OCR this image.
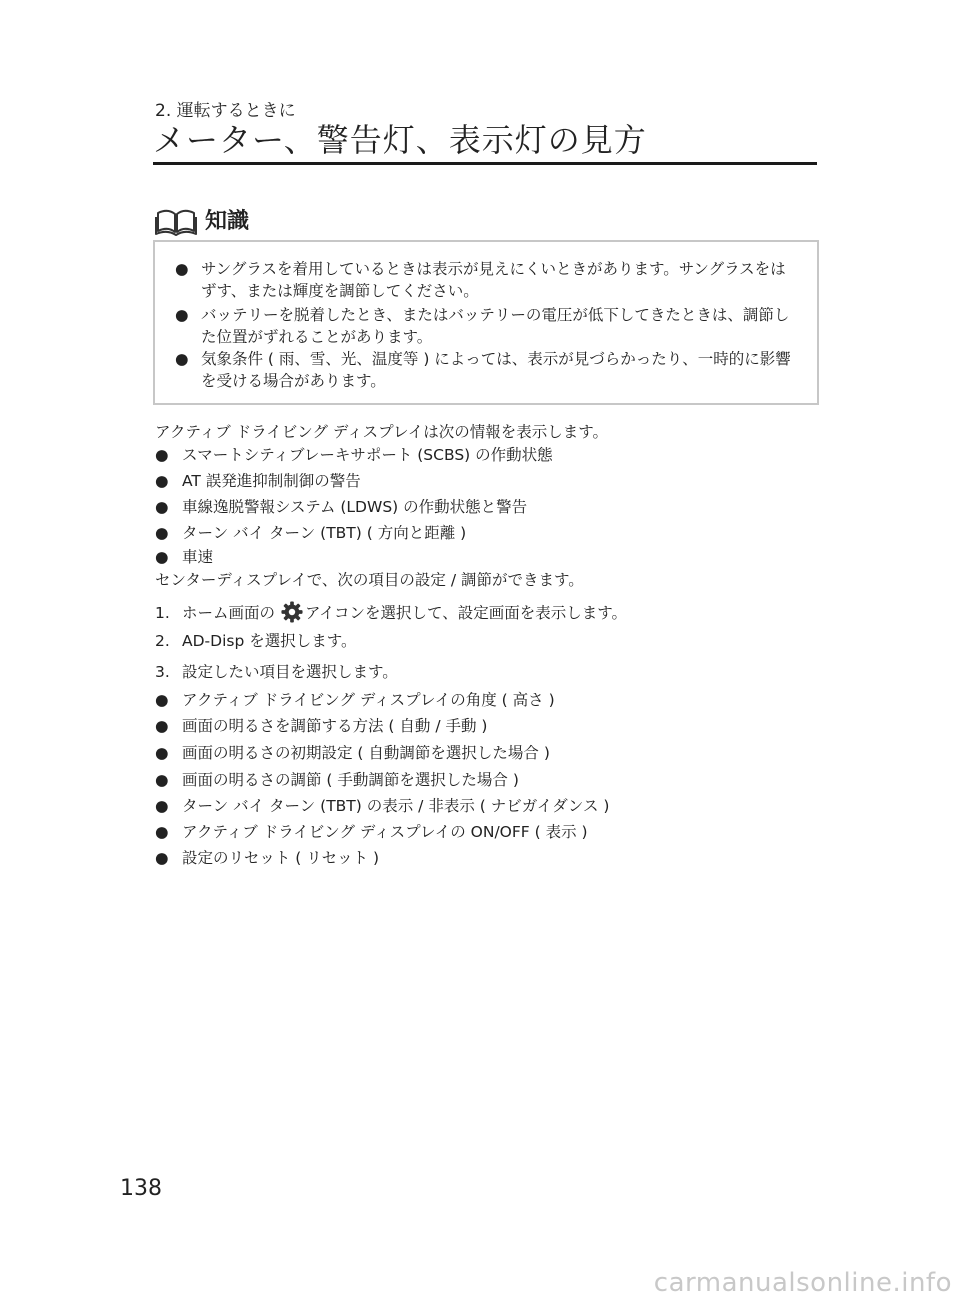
2. 運転するときに
メーター、警告灯、表示灯の見方
知識
● サングラスを着用しているときは表示が見えにくいときがあります。サングラスをはずす、または輝度を調節してください。
● バッテリーを脱着したとき、またはバッテリーの電圧が低下してきたときは、調節した位置がずれることがあります。
● 気象条件 ( 雨、雪、光、温度等 ) によっては、表示が見づらかったり、一時的に影響を受ける場合があります。
アクティブ ドライビング ディスプレイは次の情報を表示します。
● スマートシティブレーキサポート (SCBS) の作動状態
● AT 誤発進抑制制御の警告
● 車線逸脱警報システム (LDWS) の作動状態と警告
● ターン バイ ターン (TBT) ( 方向と距離 )
● 車速
センターディスプレイで、次の項目の設定 / 調節ができます。
1. ホーム画面の アイコンを選択して、設定画面を表示します。
2. AD-Disp を選択します。
3. 設定したい項目を選択します。
● アクティブ ドライビング ディスプレイの角度 ( 高さ )
● 画面の明るさを調節する方法 ( 自動 / 手動 )
● 画面の明るさの初期設定 ( 自動調節を選択した場合 )
● 画面の明るさの調節 ( 手動調節を選択した場合 )
● ターン バイ ターン (TBT) の表示 / 非表示 ( ナビガイダンス )
● アクティブ ドライビング ディスプレイの ON/OFF ( 表示 )
● 設定のリセット ( リセット )
138
carmanualsonline.info
